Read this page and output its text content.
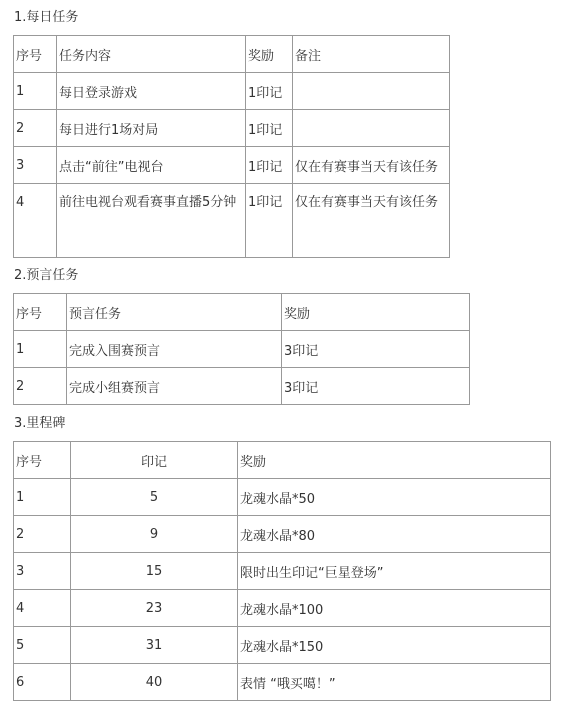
1.每日任务
序号	任务内容	奖励	备注
1	每日登录游戏	1印记	
2	每日进行1场对局	1印记	
3	点击“前往”电视台	1印记	仅在有赛事当天有该任务
4	前往电视台观看赛事直播5分钟	1印记	仅在有赛事当天有该任务
2.预言任务
序号	预言任务	奖励
1	完成入围赛预言	3印记
2	完成小组赛预言	3印记
3.里程碑
序号	印记	奖励
1	5	龙魂水晶*50
2	9	龙魂水晶*80
3	15	限时出生印记“巨星登场”
4	23	龙魂水晶*100
5	31	龙魂水晶*150
6	40	表情 “哦买噶！”
